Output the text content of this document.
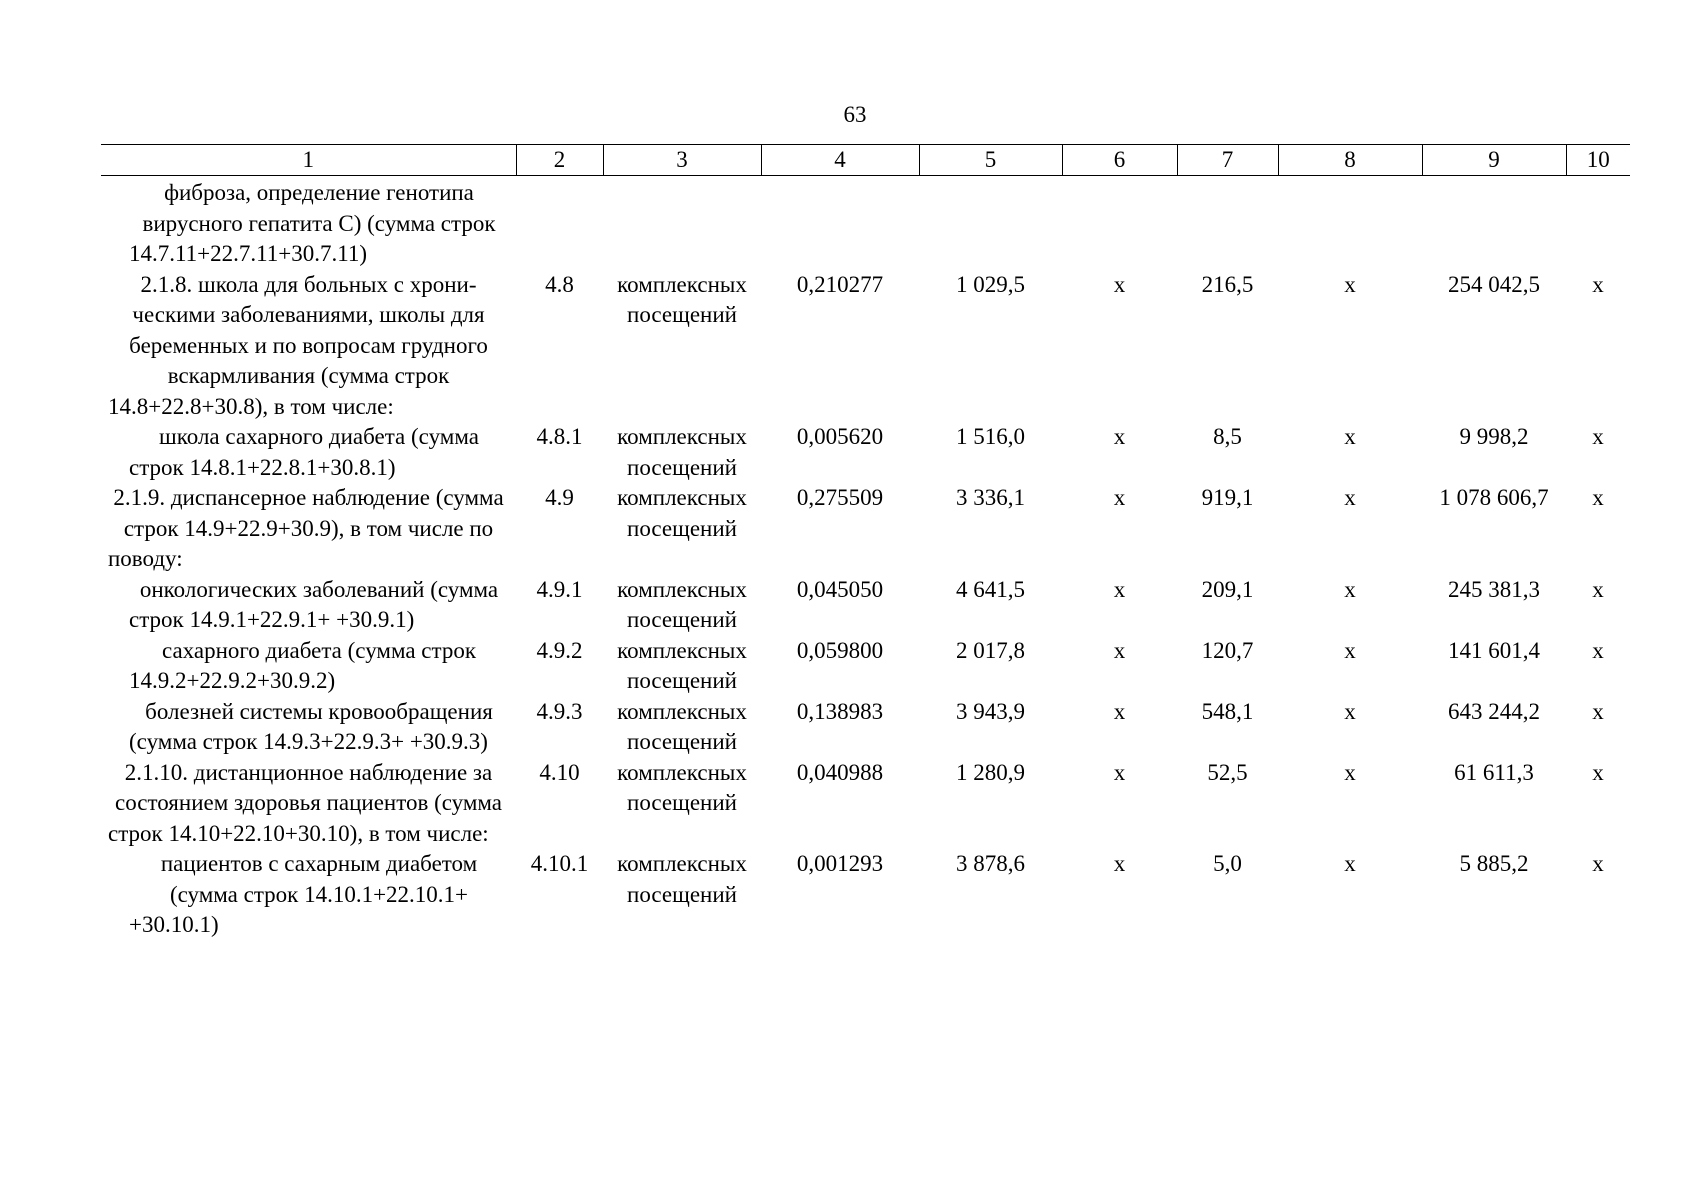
63
1	2	3	4	5	6	7	8	9	10
фиброза, определение генотипа вирусного гепатита C) (сумма строк 14.7.11+22.7.11+30.7.11)									
2.1.8. школа для больных с хроническими заболеваниями, школы для беременных и по вопросам грудного вскармливания (сумма строк 14.8+22.8+30.8), в том числе:	4.8	комплексных посещений	0,210277	1 029,5	х	216,5	х	254 042,5	х
школа сахарного диабета (сумма строк 14.8.1+22.8.1+30.8.1)	4.8.1	комплексных посещений	0,005620	1 516,0	х	8,5	х	9 998,2	х
2.1.9. диспансерное наблюдение (сумма строк 14.9+22.9+30.9), в том числе по поводу:	4.9	комплексных посещений	0,275509	3 336,1	х	919,1	х	1 078 606,7	х
онкологических заболеваний (сумма строк 14.9.1+22.9.1+ +30.9.1)	4.9.1	комплексных посещений	0,045050	4 641,5	х	209,1	х	245 381,3	х
сахарного диабета (сумма строк 14.9.2+22.9.2+30.9.2)	4.9.2	комплексных посещений	0,059800	2 017,8	х	120,7	х	141 601,4	х
болезней системы кровообращения (сумма строк 14.9.3+22.9.3+ +30.9.3)	4.9.3	комплексных посещений	0,138983	3 943,9	х	548,1	х	643 244,2	х
2.1.10. дистанционное наблюдение за состоянием здоровья пациентов (сумма строк 14.10+22.10+30.10), в том числе:	4.10	комплексных посещений	0,040988	1 280,9	х	52,5	х	61 611,3	х
пациентов с сахарным диабетом (сумма строк 14.10.1+22.10.1+ +30.10.1)	4.10.1	комплексных посещений	0,001293	3 878,6	х	5,0	х	5 885,2	х
